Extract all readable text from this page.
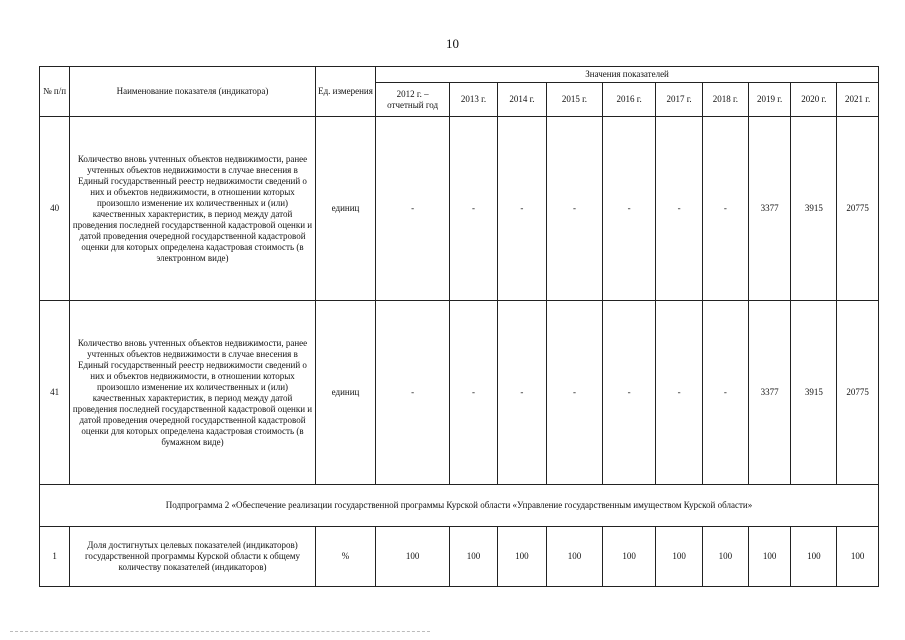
10
№ п/п	Наименование показателя (индикатора)	Ед. измерения	Значения показателей									
			2012 г. – отчетный год	2013 г.	2014 г.	2015 г.	2016 г.	2017 г.	2018 г.	2019 г.	2020 г.	2021 г.
40	Количество вновь учтенных объектов недвижимости, ранее учтенных объектов недвижимости в случае внесения в Единый государственный реестр недвижимости сведений о них и объектов недвижимости, в отношении которых произошло изменение их количественных и (или) качественных характеристик, в период между датой проведения последней государственной кадастровой оценки и датой проведения очередной государственной кадастровой оценки для которых определена кадастровая стоимость (в электронном виде)	единиц	-	-	-	-	-	-	-	3377	3915	20775
41	Количество вновь учтенных объектов недвижимости, ранее учтенных объектов недвижимости в случае внесения в Единый государственный реестр недвижимости сведений о них и объектов недвижимости, в отношении которых произошло изменение их количественных и (или) качественных характеристик, в период между датой проведения последней государственной кадастровой оценки и датой проведения очередной государственной кадастровой оценки для которых определена кадастровая стоимость (в бумажном виде)	единиц	-	-	-	-	-	-	-	3377	3915	20775
Подпрограмма 2 «Обеспечение реализации государственной программы Курской области «Управление государственным имуществом Курской области»												
1	Доля достигнутых целевых показателей (индикаторов) государственной программы Курской области к общему количеству показателей (индикаторов)	%	100	100	100	100	100	100	100	100	100	100
